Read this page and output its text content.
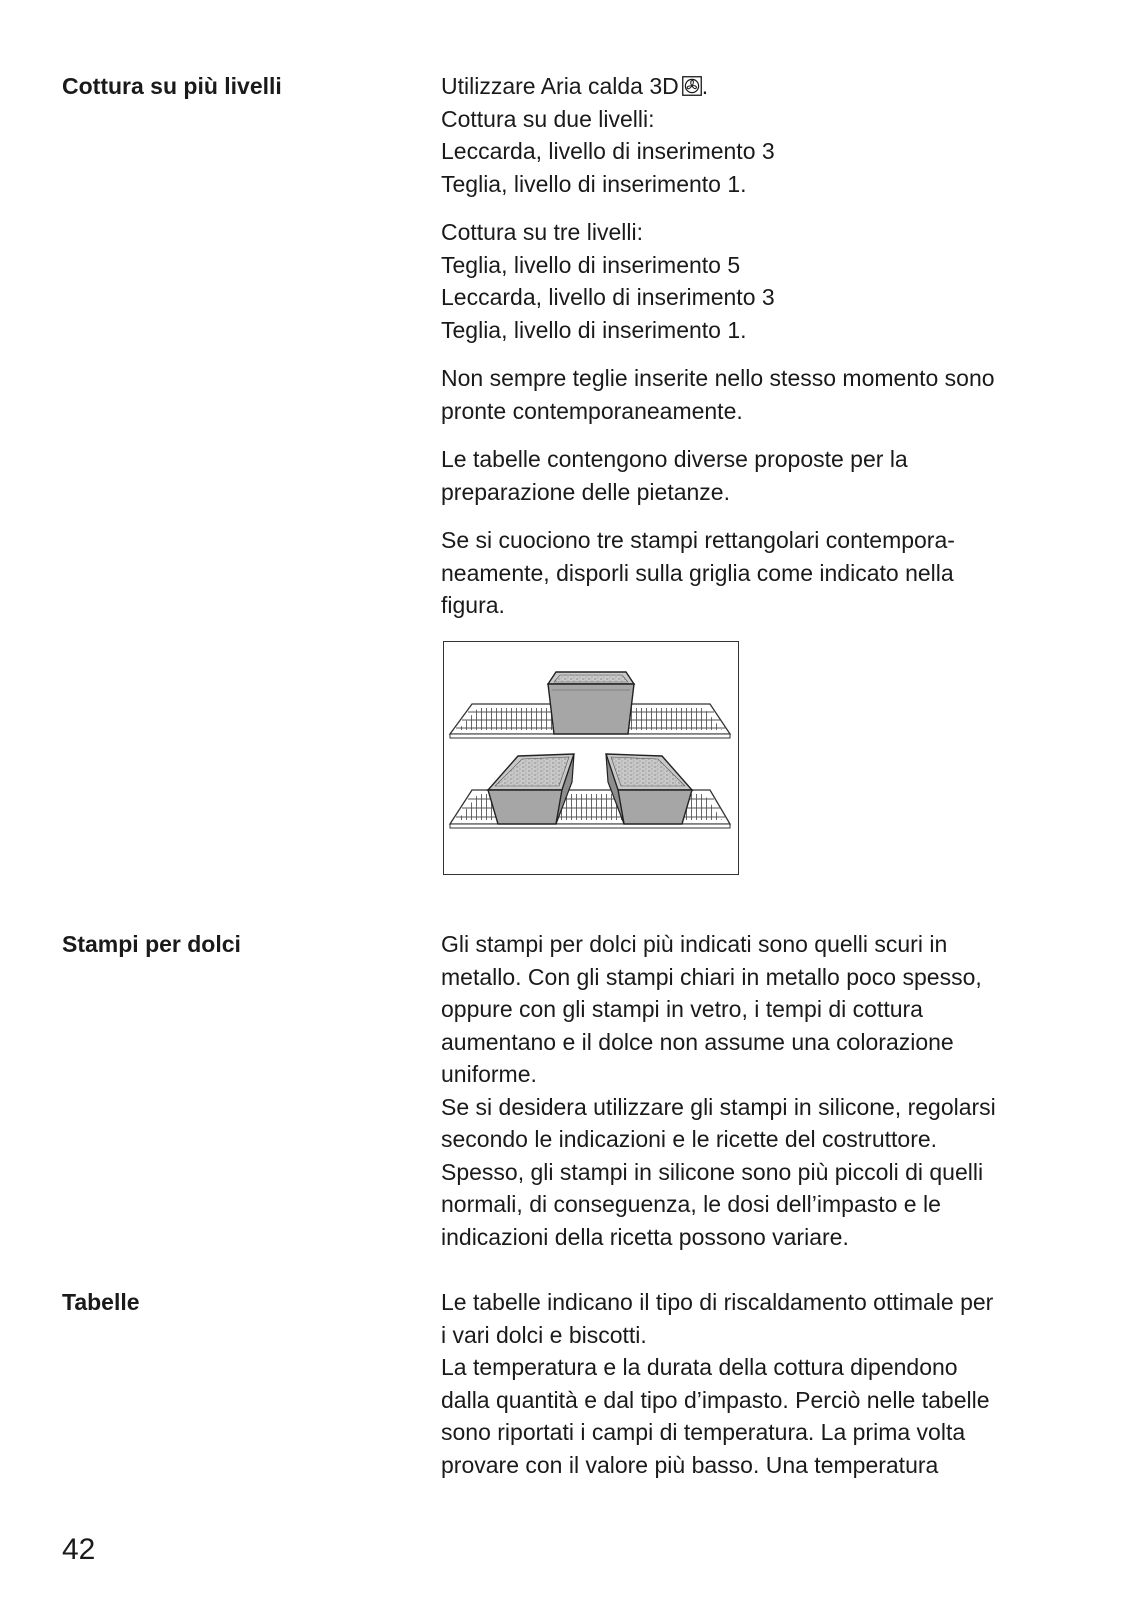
Cottura su più livelli	Utilizzare Aria calda 3D .
Cottura su due livelli:
Leccarda, livello di inserimento 3
Teglia, livello di inserimento 1.

Cottura su tre livelli:
Teglia, livello di inserimento 5
Leccarda, livello di inserimento 3
Teglia, livello di inserimento 1.

Non sempre teglie inserite nello stesso momento sono
pronte contemporaneamente.

Le tabelle contengono diverse proposte per la
preparazione delle pietanze.

Se si cuociono tre stampi rettangolari contempora-
neamente, disporli sulla griglia come indicato nella
figura.

Stampi per dolci	Gli stampi per dolci più indicati sono quelli scuri in
metallo. Con gli stampi chiari in metallo poco spesso,
oppure con gli stampi in vetro, i tempi di cottura
aumentano e il dolce non assume una colorazione
uniforme.
Se si desidera utilizzare gli stampi in silicone, regolarsi
secondo le indicazioni e le ricette del costruttore.
Spesso, gli stampi in silicone sono più piccoli di quelli
normali, di conseguenza, le dosi dell’impasto e le
indicazioni della ricetta possono variare.
Tabelle	Le tabelle indicano il tipo di riscaldamento ottimale per
i vari dolci e biscotti.
La temperatura e la durata della cottura dipendono
dalla quantità e dal tipo d’impasto. Perciò nelle tabelle
sono riportati i campi di temperatura. La prima volta
provare con il valore più basso. Una temperatura
42
